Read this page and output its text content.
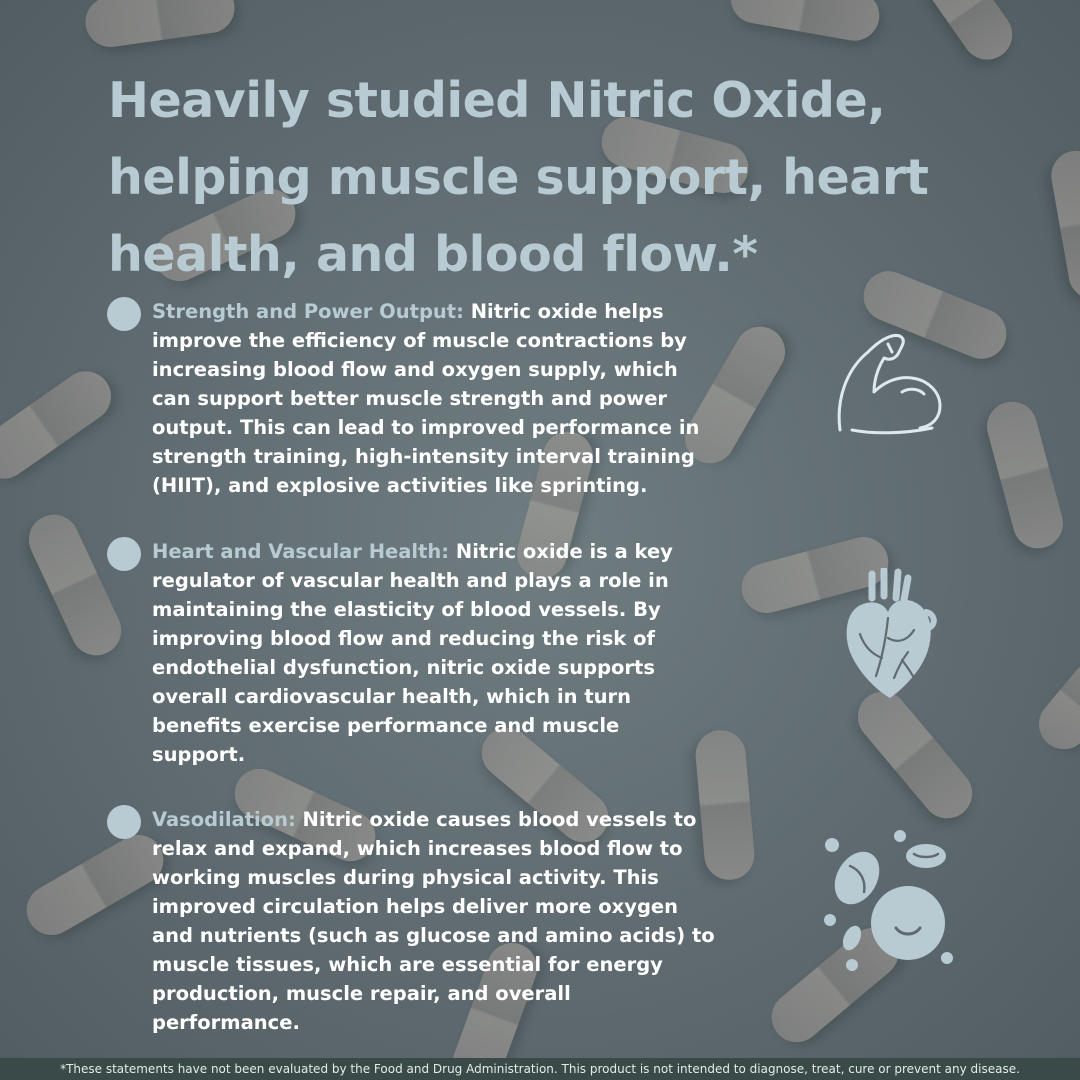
Heavily studied Nitric Oxide, helping muscle support, heart health, and blood flow.*

Strength and Power Output: Nitric oxide helps improve the efficiency of muscle contractions by increasing blood flow and oxygen supply, which can support better muscle strength and power output. This can lead to improved performance in strength training, high-intensity interval training (HIIT), and explosive activities like sprinting.

Heart and Vascular Health: Nitric oxide is a key regulator of vascular health and plays a role in maintaining the elasticity of blood vessels. By improving blood flow and reducing the risk of endothelial dysfunction, nitric oxide supports overall cardiovascular health, which in turn benefits exercise performance and muscle support.

Vasodilation: Nitric oxide causes blood vessels to relax and expand, which increases blood flow to working muscles during physical activity. This improved circulation helps deliver more oxygen and nutrients (such as glucose and amino acids) to muscle tissues, which are essential for energy production, muscle repair, and overall performance.

*These statements have not been evaluated by the Food and Drug Administration. This product is not intended to diagnose, treat, cure or prevent any disease.
